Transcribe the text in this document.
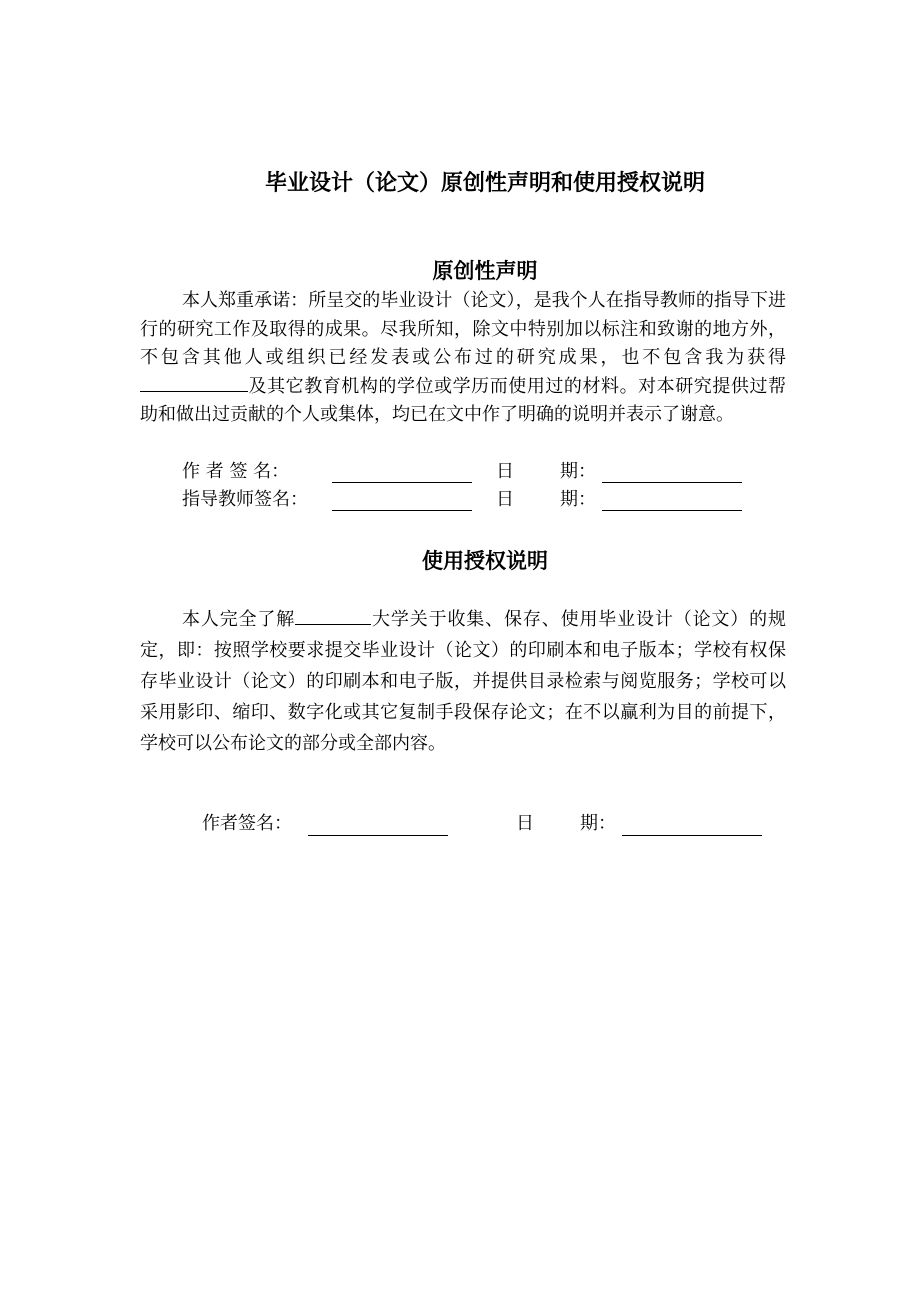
毕业设计（论文）原创性声明和使用授权说明
原创性声明

本人郑重承诺：所呈交的毕业设计（论文），是我个人在指导教师的指导下进行的研究工作及取得的成果。尽我所知，除文中特别加以标注和致谢的地方外，不包含其他人或组织已经发表或公布过的研究成果，也不包含我为获得及其它教育机构的学位或学历而使用过的材料。对本研究提供过帮助和做出过贡献的个人或集体，均已在文中作了明确的说明并表示了谢意。

作 者 签 名：	日	期：
指导教师签名：	日	期：
使用授权说明

本人完全了解	大学关于收集、保存、使用毕业设计（论文）的规定，即：按照学校要求提交毕业设计（论文）的印刷本和电子版本；学校有权保存毕业设计（论文）的印刷本和电子版，并提供目录检索与阅览服务；学校可以采用影印、缩印、数字化或其它复制手段保存论文；在不以赢利为目的前提下，学校可以公布论文的部分或全部内容。

作者签名：	日	期：
